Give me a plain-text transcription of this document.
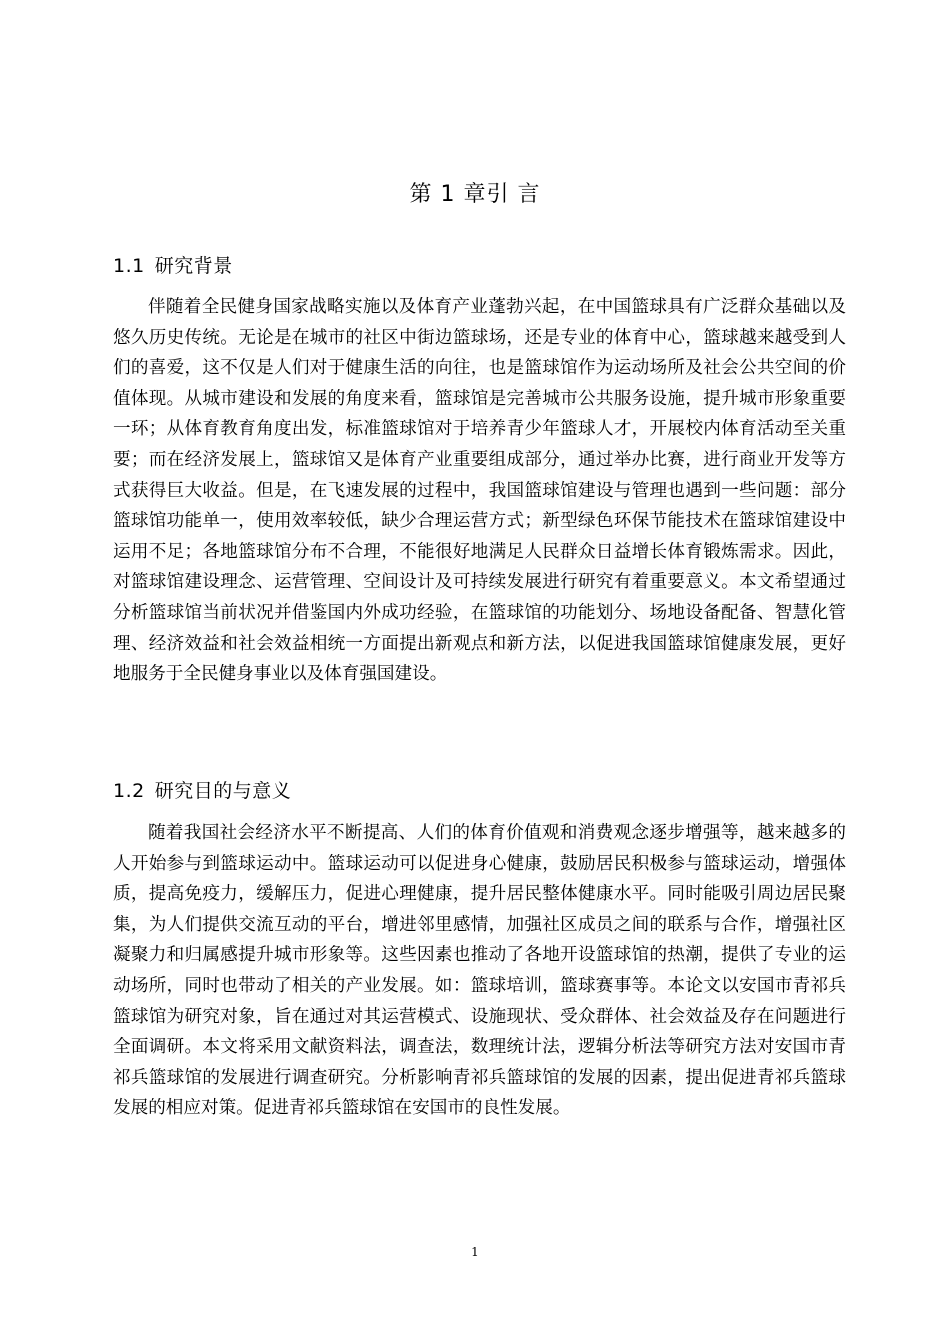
第 1 章引 言
1.1 研究背景

伴随着全民健身国家战略实施以及体育产业蓬勃兴起，在中国篮球具有广泛群众基础以及悠久历史传统。无论是在城市的社区中街边篮球场，还是专业的体育中心，篮球越来越受到人们的喜爱，这不仅是人们对于健康生活的向往，也是篮球馆作为运动场所及社会公共空间的价值体现。从城市建设和发展的角度来看，篮球馆是完善城市公共服务设施，提升城市形象重要一环；从体育教育角度出发，标准篮球馆对于培养青少年篮球人才，开展校内体育活动至关重要；而在经济发展上，篮球馆又是体育产业重要组成部分，通过举办比赛，进行商业开发等方式获得巨大收益。但是，在飞速发展的过程中，我国篮球馆建设与管理也遇到一些问题：部分篮球馆功能单一，使用效率较低，缺少合理运营方式；新型绿色环保节能技术在篮球馆建设中运用不足；各地篮球馆分布不合理，不能很好地满足人民群众日益增长体育锻炼需求。因此，对篮球馆建设理念、运营管理、空间设计及可持续发展进行研究有着重要意义。本文希望通过分析篮球馆当前状况并借鉴国内外成功经验，在篮球馆的功能划分、场地设备配备、智慧化管理、经济效益和社会效益相统一方面提出新观点和新方法，以促进我国篮球馆健康发展，更好地服务于全民健身事业以及体育强国建设。

1.2 研究目的与意义

随着我国社会经济水平不断提高、人们的体育价值观和消费观念逐步增强等，越来越多的人开始参与到篮球运动中。篮球运动可以促进身心健康，鼓励居民积极参与篮球运动，增强体质，提高免疫力，缓解压力，促进心理健康，提升居民整体健康水平。同时能吸引周边居民聚集，为人们提供交流互动的平台，增进邻里感情，加强社区成员之间的联系与合作，增强社区凝聚力和归属感提升城市形象等。这些因素也推动了各地开设篮球馆的热潮，提供了专业的运动场所，同时也带动了相关的产业发展。如：篮球培训，篮球赛事等。本论文以安国市青祁兵篮球馆为研究对象，旨在通过对其运营模式、设施现状、受众群体、社会效益及存在问题进行全面调研。本文将采用文献资料法，调查法，数理统计法，逻辑分析法等研究方法对安国市青祁兵篮球馆的发展进行调查研究。分析影响青祁兵篮球馆的发展的因素，提出促进青祁兵篮球发展的相应对策。促进青祁兵篮球馆在安国市的良性发展。

1
